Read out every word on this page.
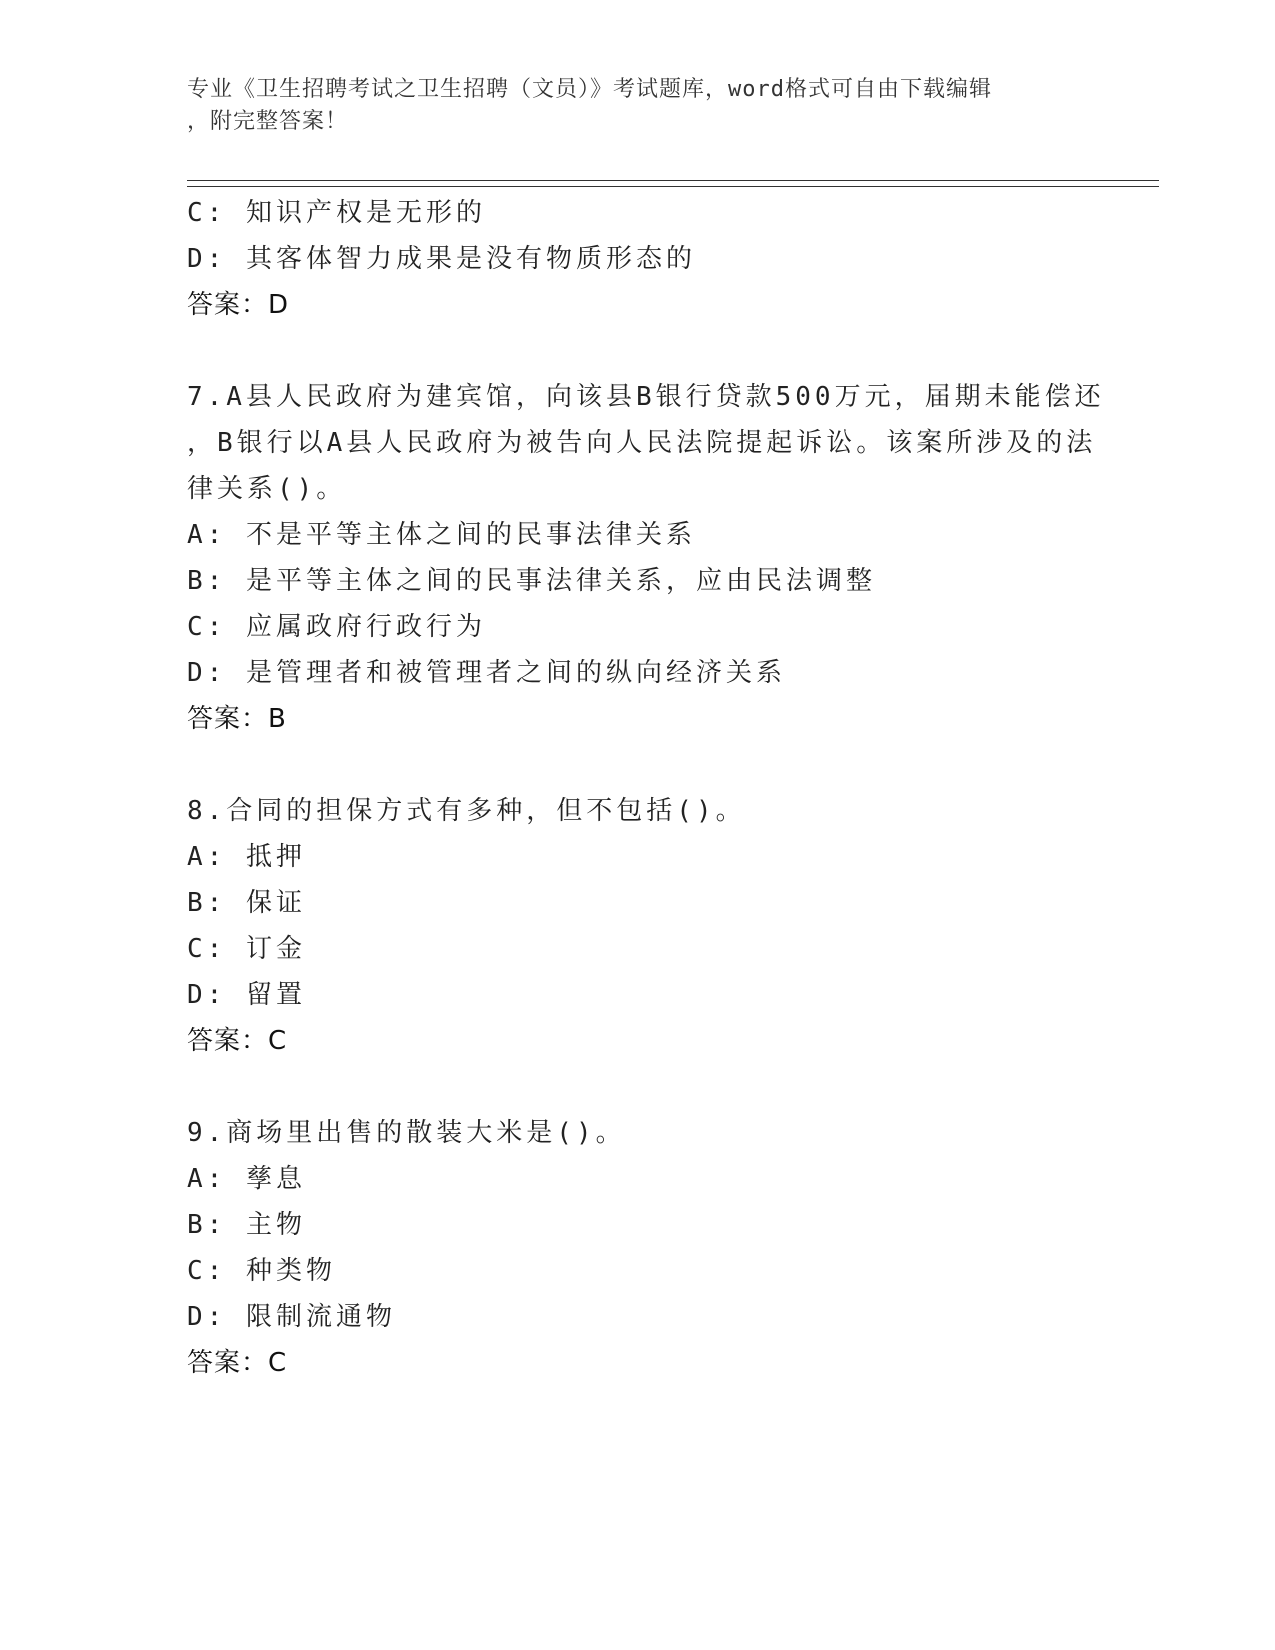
专业《卫生招聘考试之卫生招聘（文员）》考试题库，word格式可自由下载编辑
，附完整答案！
C: 知识产权是无形的
D: 其客体智力成果是没有物质形态的
答案：D
7.A县人民政府为建宾馆，向该县B银行贷款500万元，届期未能偿还
，B银行以A县人民政府为被告向人民法院提起诉讼。该案所涉及的法
律关系()。
A: 不是平等主体之间的民事法律关系
B: 是平等主体之间的民事法律关系，应由民法调整
C: 应属政府行政行为
D: 是管理者和被管理者之间的纵向经济关系
答案：B
8.合同的担保方式有多种，但不包括()。
A: 抵押
B: 保证
C: 订金
D: 留置
答案：C
9.商场里出售的散装大米是()。
A: 孳息
B: 主物
C: 种类物
D: 限制流通物
答案：C
